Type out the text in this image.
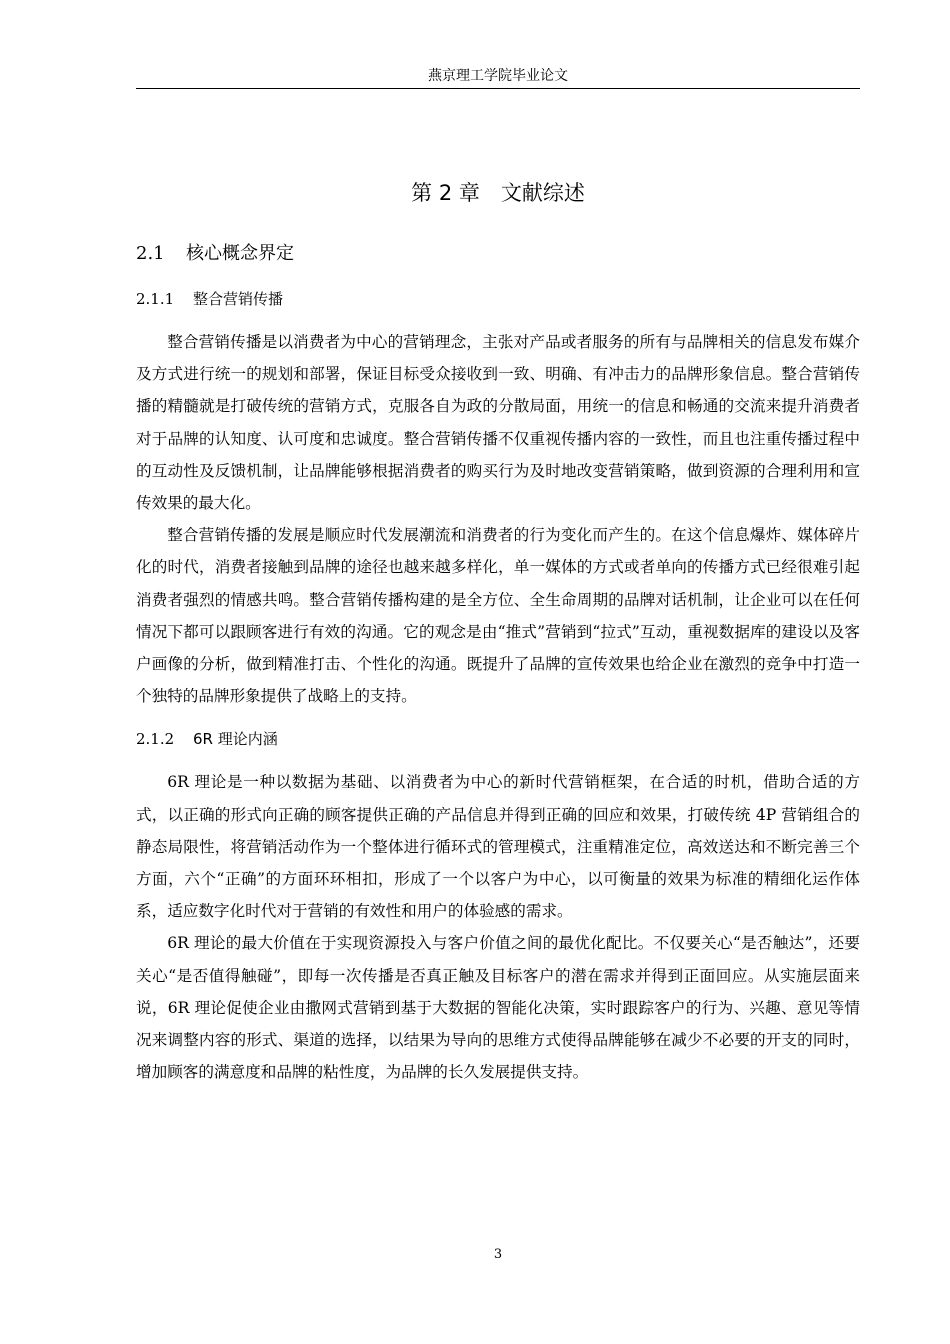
燕京理工学院毕业论文
第 2 章　文献综述
2.1 核心概念界定
2.1.1 整合营销传播

整合营销传播是以消费者为中心的营销理念，主张对产品或者服务的所有与品牌相关的信息发布媒介及方式进行统一的规划和部署，保证目标受众接收到一致、明确、有冲击力的品牌形象信息。整合营销传播的精髓就是打破传统的营销方式，克服各自为政的分散局面，用统一的信息和畅通的交流来提升消费者对于品牌的认知度、认可度和忠诚度。整合营销传播不仅重视传播内容的一致性，而且也注重传播过程中的互动性及反馈机制，让品牌能够根据消费者的购买行为及时地改变营销策略，做到资源的合理利用和宣传效果的最大化。

整合营销传播的发展是顺应时代发展潮流和消费者的行为变化而产生的。在这个信息爆炸、媒体碎片化的时代，消费者接触到品牌的途径也越来越多样化，单一媒体的方式或者单向的传播方式已经很难引起消费者强烈的情感共鸣。整合营销传播构建的是全方位、全生命周期的品牌对话机制，让企业可以在任何情况下都可以跟顾客进行有效的沟通。它的观念是由“推式”营销到“拉式”互动，重视数据库的建设以及客户画像的分析，做到精准打击、个性化的沟通。既提升了品牌的宣传效果也给企业在激烈的竞争中打造一个独特的品牌形象提供了战略上的支持。

2.1.2 6R 理论内涵

6R 理论是一种以数据为基础、以消费者为中心的新时代营销框架，在合适的时机，借助合适的方式，以正确的形式向正确的顾客提供正确的产品信息并得到正确的回应和效果，打破传统 4P 营销组合的静态局限性，将营销活动作为一个整体进行循环式的管理模式，注重精准定位，高效送达和不断完善三个方面，六个“正确”的方面环环相扣，形成了一个以客户为中心，以可衡量的效果为标准的精细化运作体系，适应数字化时代对于营销的有效性和用户的体验感的需求。

6R 理论的最大价值在于实现资源投入与客户价值之间的最优化配比。不仅要关心“是否触达”，还要关心“是否值得触碰”，即每一次传播是否真正触及目标客户的潜在需求并得到正面回应。从实施层面来说，6R 理论促使企业由撒网式营销到基于大数据的智能化决策，实时跟踪客户的行为、兴趣、意见等情况来调整内容的形式、渠道的选择，以结果为导向的思维方式使得品牌能够在减少不必要的开支的同时，增加顾客的满意度和品牌的粘性度，为品牌的长久发展提供支持。

3
